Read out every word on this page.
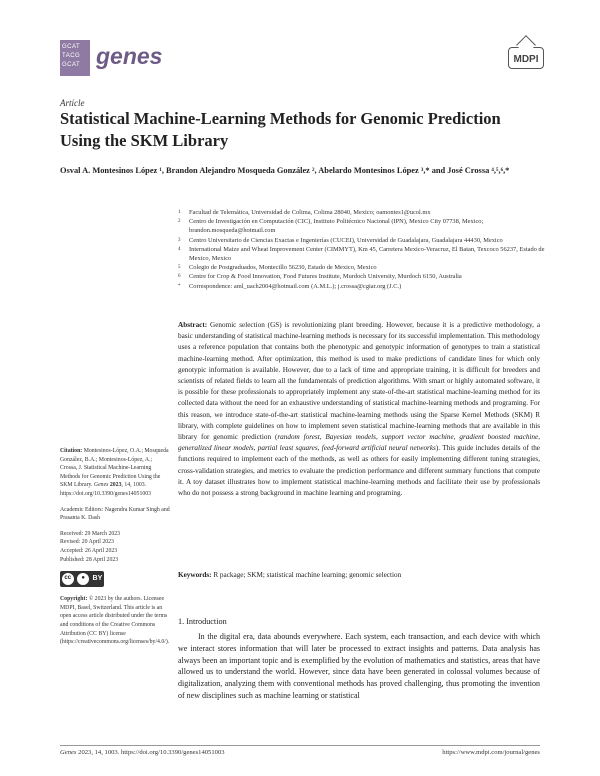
GCAT
TACG
GCAT genes	MDPI
Article
Statistical Machine-Learning Methods for Genomic Prediction Using the SKM Library
Osval A. Montesinos López ¹, Brandon Alejandro Mosqueda González ², Abelardo Montesinos López ³,* and José Crossa ⁴,⁵,⁶,*
1	Facultad de Telemática, Universidad de Colima, Colima 28040, Mexico; oamontes1@ucol.mx
2	Centro de Investigación en Computación (CIC), Instituto Politécnico Nacional (IPN), Mexico City 07738, Mexico; brandon.mosqueda@hotmail.com
3	Centro Universitario de Ciencias Exactas e Ingenierías (CUCEI), Universidad de Guadalajara, Guadalajara 44430, Mexico
4	International Maize and Wheat Improvement Center (CIMMYT), Km 45, Carretera Mexico-Veracruz, El Batan, Texcoco 56237, Estado de Mexico, Mexico
5	Colegio de Postgraduados, Montecillo 56230, Estado de Mexico, Mexico
6	Centre for Crop & Food Innovation, Food Futures Institute, Murdoch University, Murdoch 6150, Australia
*	Correspondence: aml_uach2004@hotmail.com (A.M.L.); j.crossa@cgiar.org (J.C.)

Citation: Montesinos-López, O.A.; Mosqueda González, B.A.; Montesinos-López, A.; Crossa, J. Statistical Machine-Learning Methods for Genomic Prediction Using the SKM Library. Genes 2023, 14, 1003. https://doi.org/10.3390/genes14051003

Academic Editors: Nagendra Kumar Singh and Prasanta K. Dash

Received: 29 March 2023
Revised: 20 April 2023
Accepted: 26 April 2023
Published: 28 April 2023
cc	●	BY

Copyright: © 2023 by the authors. Licensee MDPI, Basel, Switzerland. This article is an open access article distributed under the terms and conditions of the Creative Commons Attribution (CC BY) license (https://creativecommons.org/licenses/by/4.0/).

Abstract: Genomic selection (GS) is revolutionizing plant breeding. However, because it is a predictive methodology, a basic understanding of statistical machine-learning methods is necessary for its successful implementation. This methodology uses a reference population that contains both the phenotypic and genotypic information of genotypes to train a statistical machine-learning method. After optimization, this method is used to make predictions of candidate lines for which only genotypic information is available. However, due to a lack of time and appropriate training, it is difficult for breeders and scientists of related fields to learn all the fundamentals of prediction algorithms. With smart or highly automated software, it is possible for these professionals to appropriately implement any state-of-the-art statistical machine-learning method for its collected data without the need for an exhaustive understanding of statistical machine-learning methods and programing. For this reason, we introduce state-of-the-art statistical machine-learning methods using the Sparse Kernel Methods (SKM) R library, with complete guidelines on how to implement seven statistical machine-learning methods that are available in this library for genomic prediction (random forest, Bayesian models, support vector machine, gradient boosted machine, generalized linear models, partial least squares, feed-forward artificial neural networks). This guide includes details of the functions required to implement each of the methods, as well as others for easily implementing different tuning strategies, cross-validation strategies, and metrics to evaluate the prediction performance and different summary functions that compute it. A toy dataset illustrates how to implement statistical machine-learning methods and facilitate their use by professionals who do not possess a strong background in machine learning and programing.
Keywords: R package; SKM; statistical machine learning; genomic selection
1. Introduction

In the digital era, data abounds everywhere. Each system, each transaction, and each device with which we interact stores information that will later be processed to extract insights and patterns. Data analysis has always been an important topic and is exemplified by the evolution of mathematics and statistics, areas that have allowed us to understand the world. However, since data have been generated in colossal volumes because of digitalization, analyzing them with conventional methods has proved challenging, thus promoting the invention of new disciplines such as machine learning or statistical

Genes 2023, 14, 1003. https://doi.org/10.3390/genes14051003	https://www.mdpi.com/journal/genes
